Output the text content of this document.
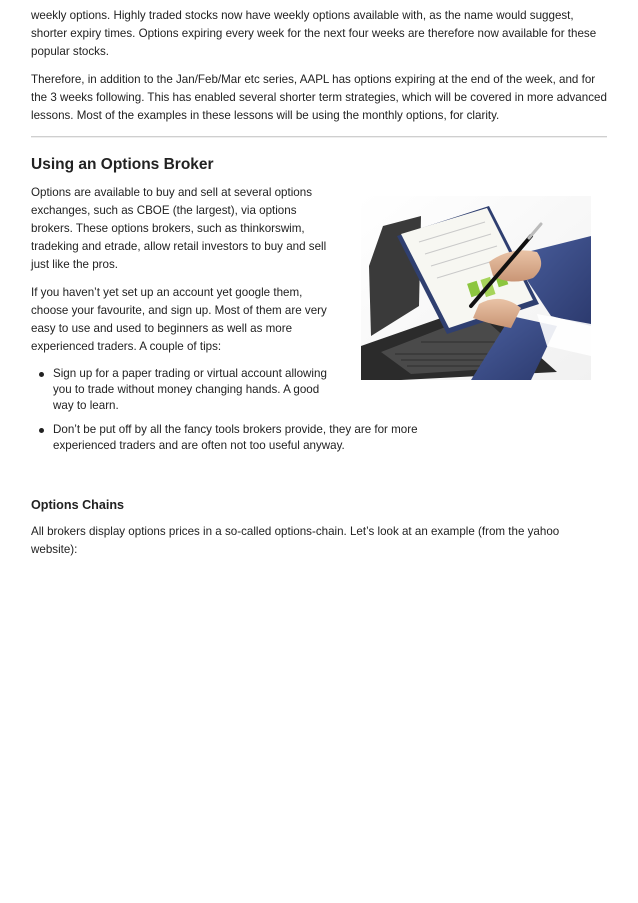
weekly options. Highly traded stocks now have weekly options available with, as the name would suggest, shorter expiry times. Options expiring every week for the next four weeks are therefore now available for these popular stocks.

Therefore, in addition to the Jan/Feb/Mar etc series, AAPL has options expiring at the end of the week, and for the 3 weeks following. This has enabled several shorter term strategies, which will be covered in more advanced lessons. Most of the examples in these lessons will be using the monthly options, for clarity.

Using an Options Broker

Options are available to buy and sell at several options exchanges, such as CBOE (the largest), via options brokers. These options brokers, such as thinkorswim, tradeking and etrade, allow retail investors to buy and sell just like the pros.

If you haven’t yet set up an account yet google them, choose your favourite, and sign up. Most of them are very easy to use and used to beginners as well as more experienced traders. A couple of tips:

Sign up for a paper trading or virtual account allowing you to trade without money changing hands. A good way to learn.
Don’t be put off by all the fancy tools brokers provide, they are for more experienced traders and are often not too useful anyway.
Options Chains

All brokers display options prices in a so-called options-chain. Let’s look at an example (from the yahoo website):
